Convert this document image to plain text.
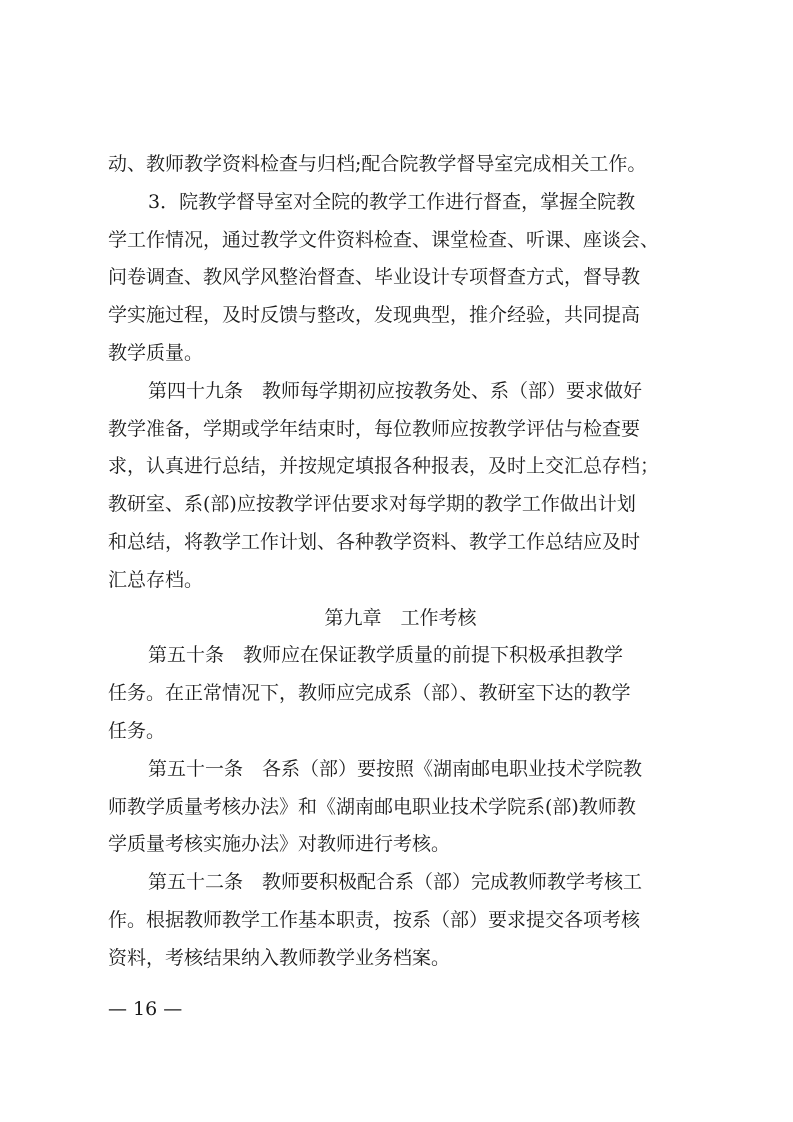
动、教师教学资料检查与归档;配合院教学督导室完成相关工作。
3．院教学督导室对全院的教学工作进行督查，掌握全院教
学工作情况，通过教学文件资料检查、课堂检查、听课、座谈会、
问卷调查、教风学风整治督查、毕业设计专项督查方式，督导教
学实施过程，及时反馈与整改，发现典型，推介经验，共同提高
教学质量。
第四十九条　教师每学期初应按教务处、系（部）要求做好
教学准备，学期或学年结束时，每位教师应按教学评估与检查要
求，认真进行总结，并按规定填报各种报表，及时上交汇总存档；
教研室、系(部)应按教学评估要求对每学期的教学工作做出计划
和总结，将教学工作计划、各种教学资料、教学工作总结应及时
汇总存档。
第九章　工作考核
第五十条　教师应在保证教学质量的前提下积极承担教学
任务。在正常情况下，教师应完成系（部）、教研室下达的教学
任务。
第五十一条　各系（部）要按照《湖南邮电职业技术学院教
师教学质量考核办法》和《湖南邮电职业技术学院系(部)教师教
学质量考核实施办法》对教师进行考核。
第五十二条　教师要积极配合系（部）完成教师教学考核工
作。根据教师教学工作基本职责，按系（部）要求提交各项考核
资料，考核结果纳入教师教学业务档案。
— 16 —
